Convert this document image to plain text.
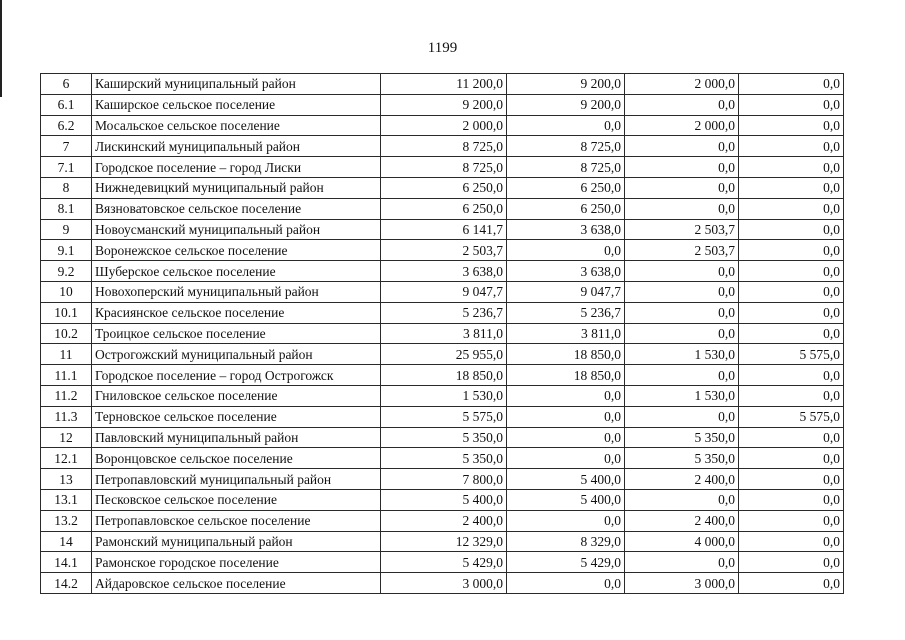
1199
6	Каширский муниципальный район	11 200,0	9 200,0	2 000,0	0,0
6.1	Каширское сельское поселение	9 200,0	9 200,0	0,0	0,0
6.2	Мосальское сельское поселение	2 000,0	0,0	2 000,0	0,0
7	Лискинский муниципальный район	8 725,0	8 725,0	0,0	0,0
7.1	Городское поселение – город Лиски	8 725,0	8 725,0	0,0	0,0
8	Нижнедевицкий муниципальный район	6 250,0	6 250,0	0,0	0,0
8.1	Вязноватовское сельское поселение	6 250,0	6 250,0	0,0	0,0
9	Новоусманский муниципальный район	6 141,7	3 638,0	2 503,7	0,0
9.1	Воронежское сельское поселение	2 503,7	0,0	2 503,7	0,0
9.2	Шуберское сельское поселение	3 638,0	3 638,0	0,0	0,0
10	Новохоперский муниципальный район	9 047,7	9 047,7	0,0	0,0
10.1	Красиянское сельское поселение	5 236,7	5 236,7	0,0	0,0
10.2	Троицкое сельское поселение	3 811,0	3 811,0	0,0	0,0
11	Острогожский муниципальный район	25 955,0	18 850,0	1 530,0	5 575,0
11.1	Городское поселение – город Острогожск	18 850,0	18 850,0	0,0	0,0
11.2	Гниловское сельское поселение	1 530,0	0,0	1 530,0	0,0
11.3	Терновское сельское поселение	5 575,0	0,0	0,0	5 575,0
12	Павловский муниципальный район	5 350,0	0,0	5 350,0	0,0
12.1	Воронцовское сельское поселение	5 350,0	0,0	5 350,0	0,0
13	Петропавловский муниципальный район	7 800,0	5 400,0	2 400,0	0,0
13.1	Песковское сельское поселение	5 400,0	5 400,0	0,0	0,0
13.2	Петропавловское сельское поселение	2 400,0	0,0	2 400,0	0,0
14	Рамонский муниципальный район	12 329,0	8 329,0	4 000,0	0,0
14.1	Рамонское городское поселение	5 429,0	5 429,0	0,0	0,0
14.2	Айдаровское сельское поселение	3 000,0	0,0	3 000,0	0,0
